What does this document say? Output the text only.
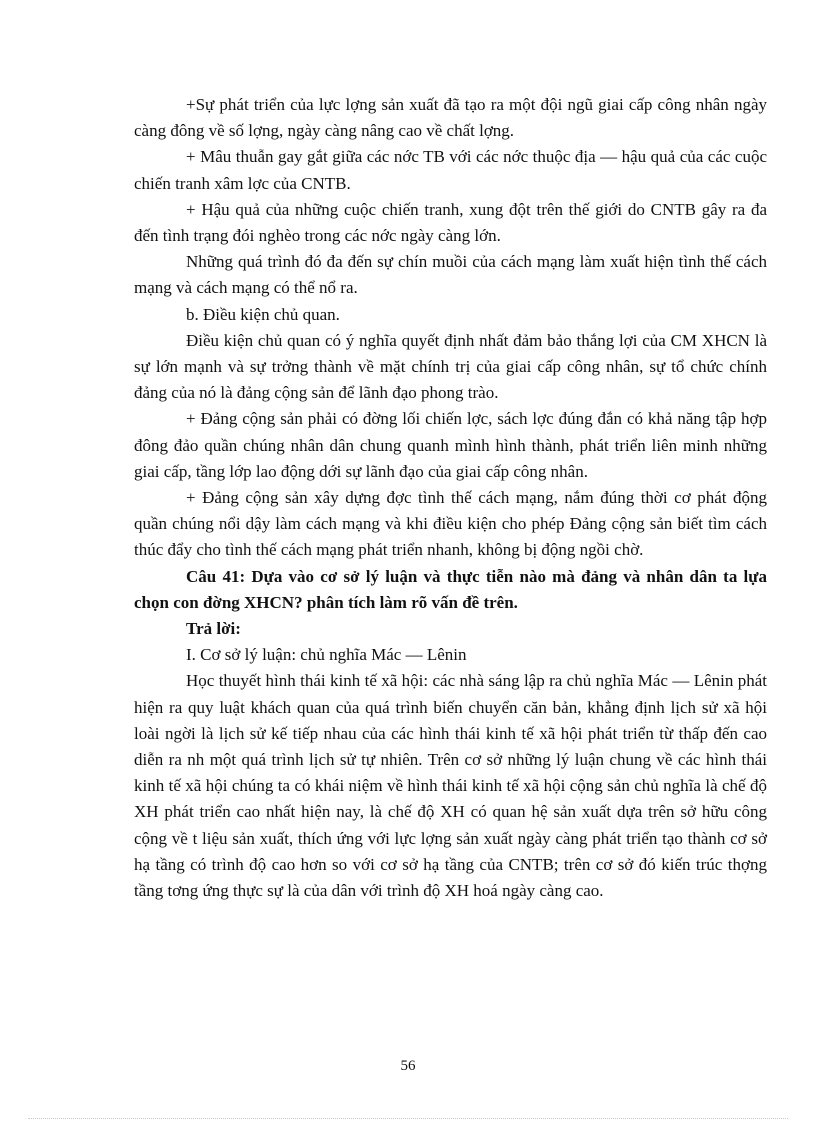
+Sự phát triển của lực lợng sản xuất đã tạo ra một đội ngũ giai cấp công nhân ngày càng đông về số lợng, ngày càng nâng cao về chất lợng.

+ Mâu thuẫn gay gắt giữa các nớc TB với các nớc thuộc địa — hậu quả của các cuộc chiến tranh xâm lợc của CNTB.

+ Hậu quả của những cuộc chiến tranh, xung đột trên thế giới do CNTB gây ra đa đến tình trạng đói nghèo trong các nớc ngày càng lớn.

Những quá trình đó đa đến sự chín muồi của cách mạng làm xuất hiện tình thế cách mạng và cách mạng có thể nổ ra.

b. Điều kiện chủ quan.

Điều kiện chủ quan có ý nghĩa quyết định nhất đảm bảo thắng lợi của CM XHCN là sự lớn mạnh và sự trởng thành về mặt chính trị của giai cấp công nhân, sự tổ chức chính đảng của nó là đảng cộng sản để lãnh đạo phong trào.

+ Đảng cộng sản phải có đờng lối chiến lợc, sách lợc đúng đắn có khả năng tập hợp đông đảo quần chúng nhân dân chung quanh mình hình thành, phát triển liên minh những giai cấp, tầng lớp lao động dới sự lãnh đạo của giai cấp công nhân.

+ Đảng cộng sản xây dựng đợc tình thế cách mạng, nắm đúng thời cơ phát động quần chúng nổi dậy làm cách mạng và khi điều kiện cho phép Đảng cộng sản biết tìm cách thúc đẩy cho tình thế cách mạng phát triển nhanh, không bị động ngồi chờ.

Câu 41: Dựa vào cơ sở lý luận và thực tiễn nào mà đảng và nhân dân ta lựa chọn con đờng XHCN? phân tích làm rõ vấn đề trên.

Trả lời:

I. Cơ sở lý luận: chủ nghĩa Mác — Lênin

Học thuyết hình thái kinh tế xã hội: các nhà sáng lập ra chủ nghĩa Mác — Lênin phát hiện ra quy luật khách quan của quá trình biến chuyển căn bản, khẳng định lịch sử xã hội loài ngời là lịch sử kế tiếp nhau của các hình thái kinh tế xã hội phát triển từ thấp đến cao diễn ra nh một quá trình lịch sử tự nhiên. Trên cơ sở những lý luận chung về các hình thái kinh tế xã hội chúng ta có khái niệm về hình thái kinh tế xã hội cộng sản chủ nghĩa là chế độ XH phát triển cao nhất hiện nay, là chế độ XH có quan hệ sản xuất dựa trên sở hữu công cộng về t liệu sản xuất, thích ứng với lực lợng sản xuất ngày càng phát triển tạo thành cơ sở hạ tầng có trình độ cao hơn so với cơ sở hạ tầng của CNTB; trên cơ sở đó kiến trúc thợng tầng tơng ứng thực sự là của dân với trình độ XH hoá ngày càng cao.

56
